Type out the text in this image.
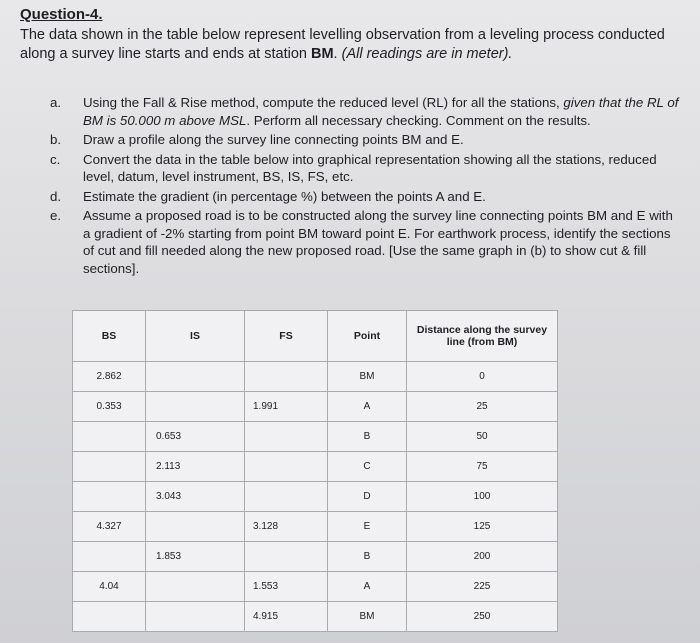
Question-4.
The data shown in the table below represent levelling observation from a leveling process conducted along a survey line starts and ends at station BM. (All readings are in meter).
a.	Using the Fall & Rise method, compute the reduced level (RL) for all the stations, given that the RL of BM is 50.000 m above MSL. Perform all necessary checking. Comment on the results.
b.	Draw a profile along the survey line connecting points BM and E.
c.	Convert the data in the table below into graphical representation showing all the stations, reduced level, datum, level instrument, BS, IS, FS, etc.
d.	Estimate the gradient (in percentage %) between the points A and E.
e.	Assume a proposed road is to be constructed along the survey line connecting points BM and E with a gradient of -2% starting from point BM toward point E. For earthwork process, identify the sections of cut and fill needed along the new proposed road. [Use the same graph in (b) to show cut & fill sections].
BS	IS	FS	Point	Distance along the survey line (from BM)
2.862			BM	0
0.353		1.991	A	25
	0.653		B	50
	2.113		C	75
	3.043		D	100
4.327		3.128	E	125
	1.853		B	200
4.04		1.553	A	225
		4.915	BM	250
